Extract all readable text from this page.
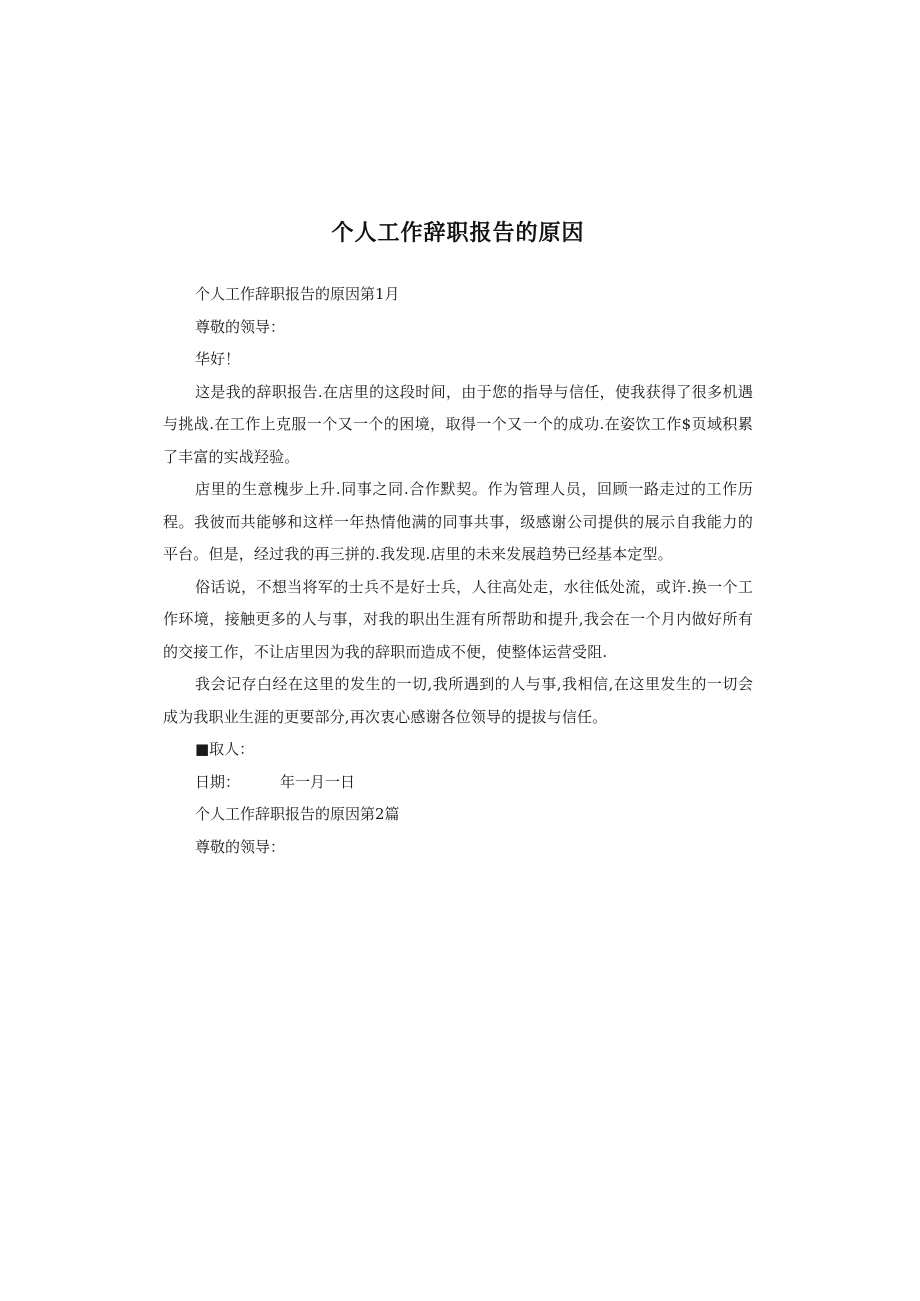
个人工作辞职报告的原因

个人工作辞职报告的原因第1月

尊敬的领导：

华好！

这是我的辞职报告.在店里的这段时间，由于您的指导与信任，使我获得了很多机遇与挑战.在工作上克服一个又一个的困境，取得一个又一个的成功.在姿饮工作$页域积累了丰富的实战羟验。

店里的生意槐步上升.同事之同.合作默契。作为管理人员，回顾一路走过的工作历程。我彼而共能够和这样一年热情他满的同事共事，级感谢公司提供的展示自我能力的平台。但是，经过我的再三拼的.我发现.店里的未来发展趋势已经基本定型。

俗话说，不想当将军的士兵不是好士兵，人往高处走，水往低处流，或许.换一个工作环境，接触更多的人与事，对我的职出生涯有所帮助和提升,我会在一个月内做好所有的交接工作，不让店里因为我的辞职而造成不便，使整体运营受阻.

我会记存白经在这里的发生的一切,我所遇到的人与事,我相信,在这里发生的一切会成为我职业生涯的更要部分,再次衷心感谢各位领导的提拔与信任。

■取人：

日期：	年一月一日

个人工作辞职报告的原因第2篇

尊敬的领导：
